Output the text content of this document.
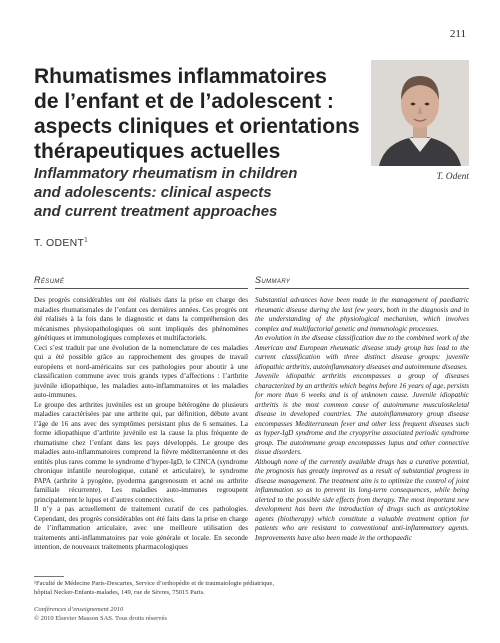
211
Rhumatismes inflammatoires
de l’enfant et de l’adolescent :
aspects cliniques et orientations
thérapeutiques actuelles
Inflammatory rheumatism in children
and adolescents: clinical aspects
and current treatment approaches
T. Odent
T. ODENT$^1$
Résumé	Summary

Des progrès considérables ont été réalisés dans la prise en charge des maladies rhumatismales de l’enfant ces dernières années. Ces progrès ont été réalisés à la fois dans le diagnostic et dans la compréhension des mécanismes physiopathologiques où sont impliqués des phénomènes génétiques et immunologiques complexes et multifactoriels.

Ceci s’est traduit par une évolution de la nomenclature de ces maladies qui a été possible grâce au rapprochement des groupes de travail européens et nord-américains sur ces pathologies pour aboutir à une classification commune avec trois grands types d’affections : l’arthrite juvénile idiopathique, les maladies auto-inflammatoires et les maladies auto-immunes.

Le groupe des arthrites juvéniles est un groupe hétérogène de plusieurs maladies caractérisées par une arthrite qui, par définition, débute avant l’âge de 16 ans avec des symptômes persistant plus de 6 semaines. La forme idiopathique d’arthrite juvénile est la cause la plus fréquente de rhumatisme chez l’enfant dans les pays développés. Le groupe des maladies auto-inflammatoires comprend la fièvre méditerranéenne et des entités plus rares comme le syndrome d’hyper-IgD, le CINCA (syndrome chronique infantile neurologique, cutané et articulaire), le syndrome PAPA (arthrite à pyogène, pyoderma gangrenosum et acné ou arthrite familiale récurrente). Les maladies auto-immunes regroupent principalement le lupus et d’autres connectivites.

Il n’y a pas actuellement de traitement curatif de ces pathologies. Cependant, des progrès considérables ont été faits dans la prise en charge de l’inflammation articulaire, avec une meilleure utilisation des traitements anti-inflammatoires par voie générale et locale. En seconde intention, de nouveaux traitements pharmacologiques

Substantial advances have been made in the management of paediatric rheumatic disease during the last few years, both in the diagnosis and in the understanding of the physiological mechanism, which involves complex and multifactorial genetic and immunologic processes.

An evolution in the disease classification due to the combined work of the American and European rheumatic disease study group has lead to the current classification with three distinct disease groups: juvenile idiopathic arthritis, autoinflammatory diseases and autoimmune diseases.

Juvenile idiopathic arthritis encompasses a group of diseases characterized by an arthritis which begins before 16 years of age, persists for more than 6 weeks and is of unknown cause. Juvenile idiopathic arthritis is the most common cause of autoimmune musculoskeletal disease in developed countries. The autoinflammatory group disease encompasses Mediterranean fever and other less frequent diseases such as hyper-IgD syndrome and the cryopyrine associated periodic syndrome group. The autoimmune group encompasses lupus and other connective tissue disorders.

Although none of the currently available drugs has a curative potential, the prognosis has greatly improved as a result of substantial progress in disease management. The treatment aim is to optimize the control of joint inflammation so as to prevent its long-term consequences, while being alerted to the possible side effects from therapy. The most important new development has been the introduction of drugs such as anticytokine agents (biotherapy) which constitute a valuable treatment option for patients who are resistant to conventional anti-inflammatory agents. Improvements have also been made in the orthopaedic

¹Faculté de Médecine Paris-Descartes, Service d’orthopédie et de traumatologie pédiatrique,
hôpital Necker-Enfants-malades, 149, rue de Sèvres, 75015 Paris.
Conférences d’enseignement 2010
© 2010 Elsevier Masson SAS. Tous droits réservés
